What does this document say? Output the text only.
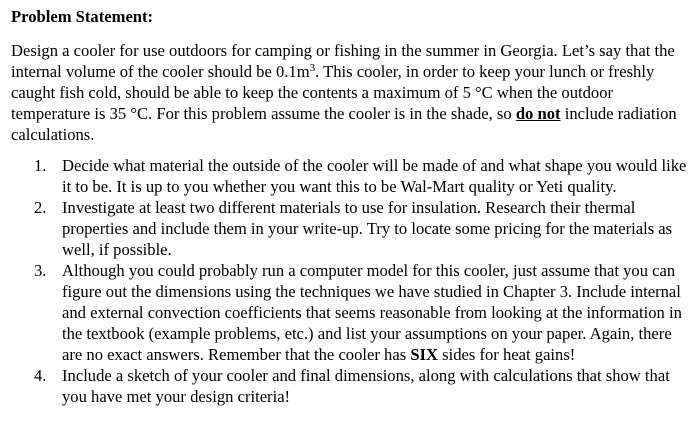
Problem Statement:
Design a cooler for use outdoors for camping or fishing in the summer in Georgia. Let’s say that the internal volume of the cooler should be $0.1m^3$. This cooler, in order to keep your lunch or freshly caught fish cold, should be able to keep the contents a maximum of 5 °C when the outdoor temperature is 35 °C. For this problem assume the cooler is in the shade, so do not include radiation calculations.
1. Decide what material the outside of the cooler will be made of and what shape you would like it to be. It is up to you whether you want this to be Wal-Mart quality or Yeti quality.
2. Investigate at least two different materials to use for insulation. Research their thermal properties and include them in your write-up. Try to locate some pricing for the materials as well, if possible.
3. Although you could probably run a computer model for this cooler, just assume that you can figure out the dimensions using the techniques we have studied in Chapter 3. Include internal and external convection coefficients that seems reasonable from looking at the information in the textbook (example problems, etc.) and list your assumptions on your paper. Again, there are no exact answers. Remember that the cooler has SIX sides for heat gains!
4. Include a sketch of your cooler and final dimensions, along with calculations that show that you have met your design criteria!
